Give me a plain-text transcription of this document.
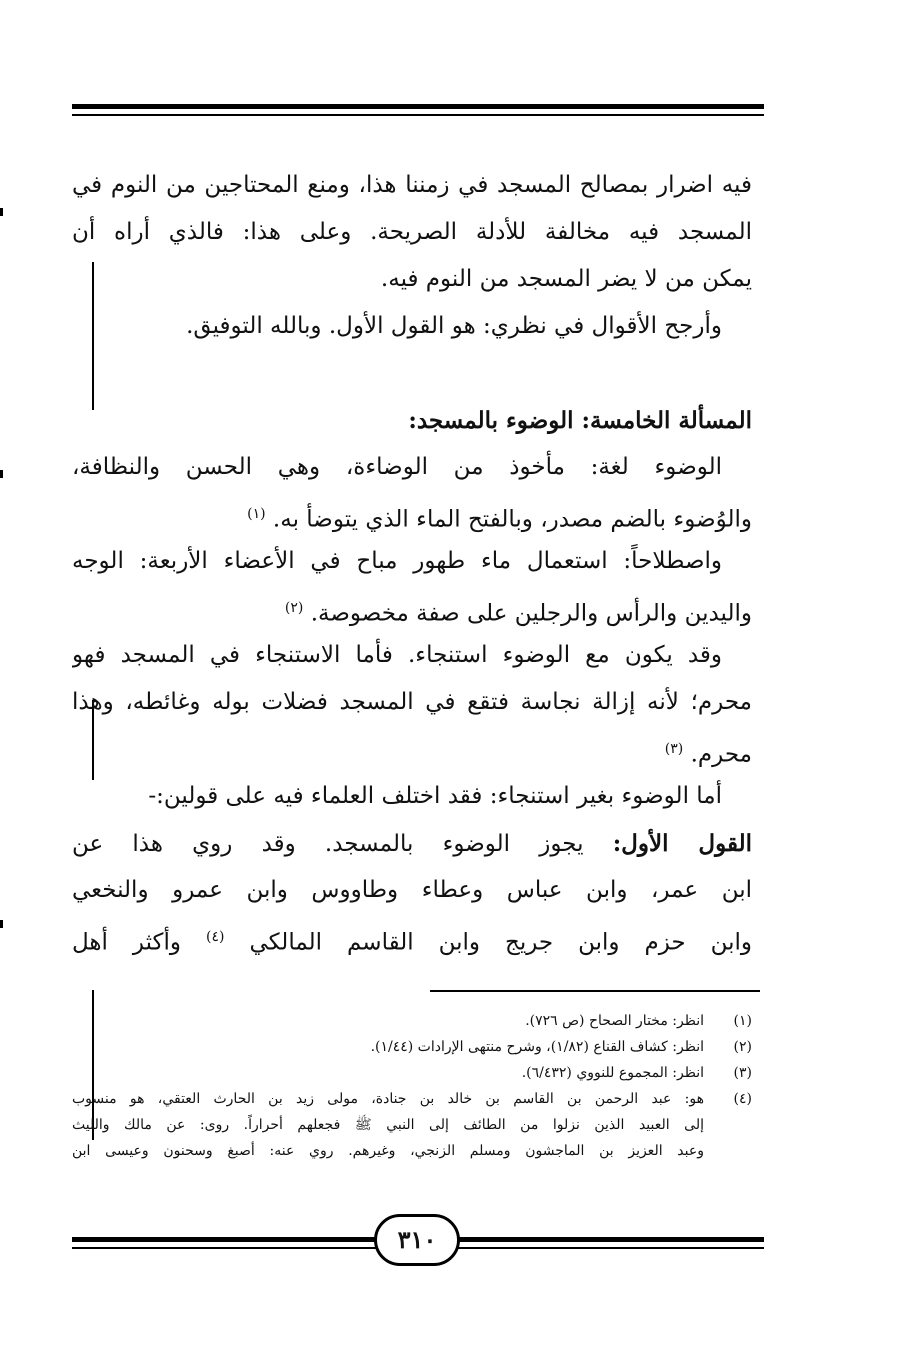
فيه اضرار بمصالح المسجد في زمننا هذا، ومنع المحتاجين من النوم في
المسجد فيه مخالفة للأدلة الصريحة. وعلى هذا: فالذي أراه أن
يمكن من لا يضر المسجد من النوم فيه.
وأرجح الأقوال في نظري: هو القول الأول. وبالله التوفيق.
المسألة الخامسة: الوضوء بالمسجد:
الوضوء لغة: مأخوذ من الوضاءة، وهي الحسن والنظافة،
والوُضوء بالضم مصدر، وبالفتح الماء الذي يتوضأ به. $^{(١)}$
واصطلاحاً: استعمال ماء طهور مباح في الأعضاء الأربعة: الوجه
واليدين والرأس والرجلين على صفة مخصوصة. $^{(٢)}$
وقد يكون مع الوضوء استنجاء. فأما الاستنجاء في المسجد فهو
محرم؛ لأنه إزالة نجاسة فتقع في المسجد فضلات بوله وغائطه، وهذا
محرم. $^{(٣)}$
أما الوضوء بغير استنجاء: فقد اختلف العلماء فيه على قولين:-
القول الأول: يجوز الوضوء بالمسجد. وقد روي هذا عن
ابن عمر، وابن عباس وعطاء وطاووس وابن عمرو والنخعي
وابن حزم وابن جريج وابن القاسم المالكي $^{(٤)}$ وأكثر أهل
(١)
انظر: مختار الصحاح (ص ٧٢٦).
(٢)
انظر: كشاف القناع (١/٨٢)، وشرح منتهى الإرادات (١/٤٤).
(٣)
انظر: المجموع للنووي (٦/٤٣٢).
(٤)
هو: عبد الرحمن بن القاسم بن خالد بن جنادة، مولى زيد بن الحارث العتقي، هو منسوب
إلى العبيد الذين نزلوا من الطائف إلى النبي ﷺ فجعلهم أحراراً. روى: عن مالك والليث
وعبد العزيز بن الماجشون ومسلم الزنجي، وغيرهم. روي عنه: أصبغ وسحنون وعيسى ابن
٣١٠
